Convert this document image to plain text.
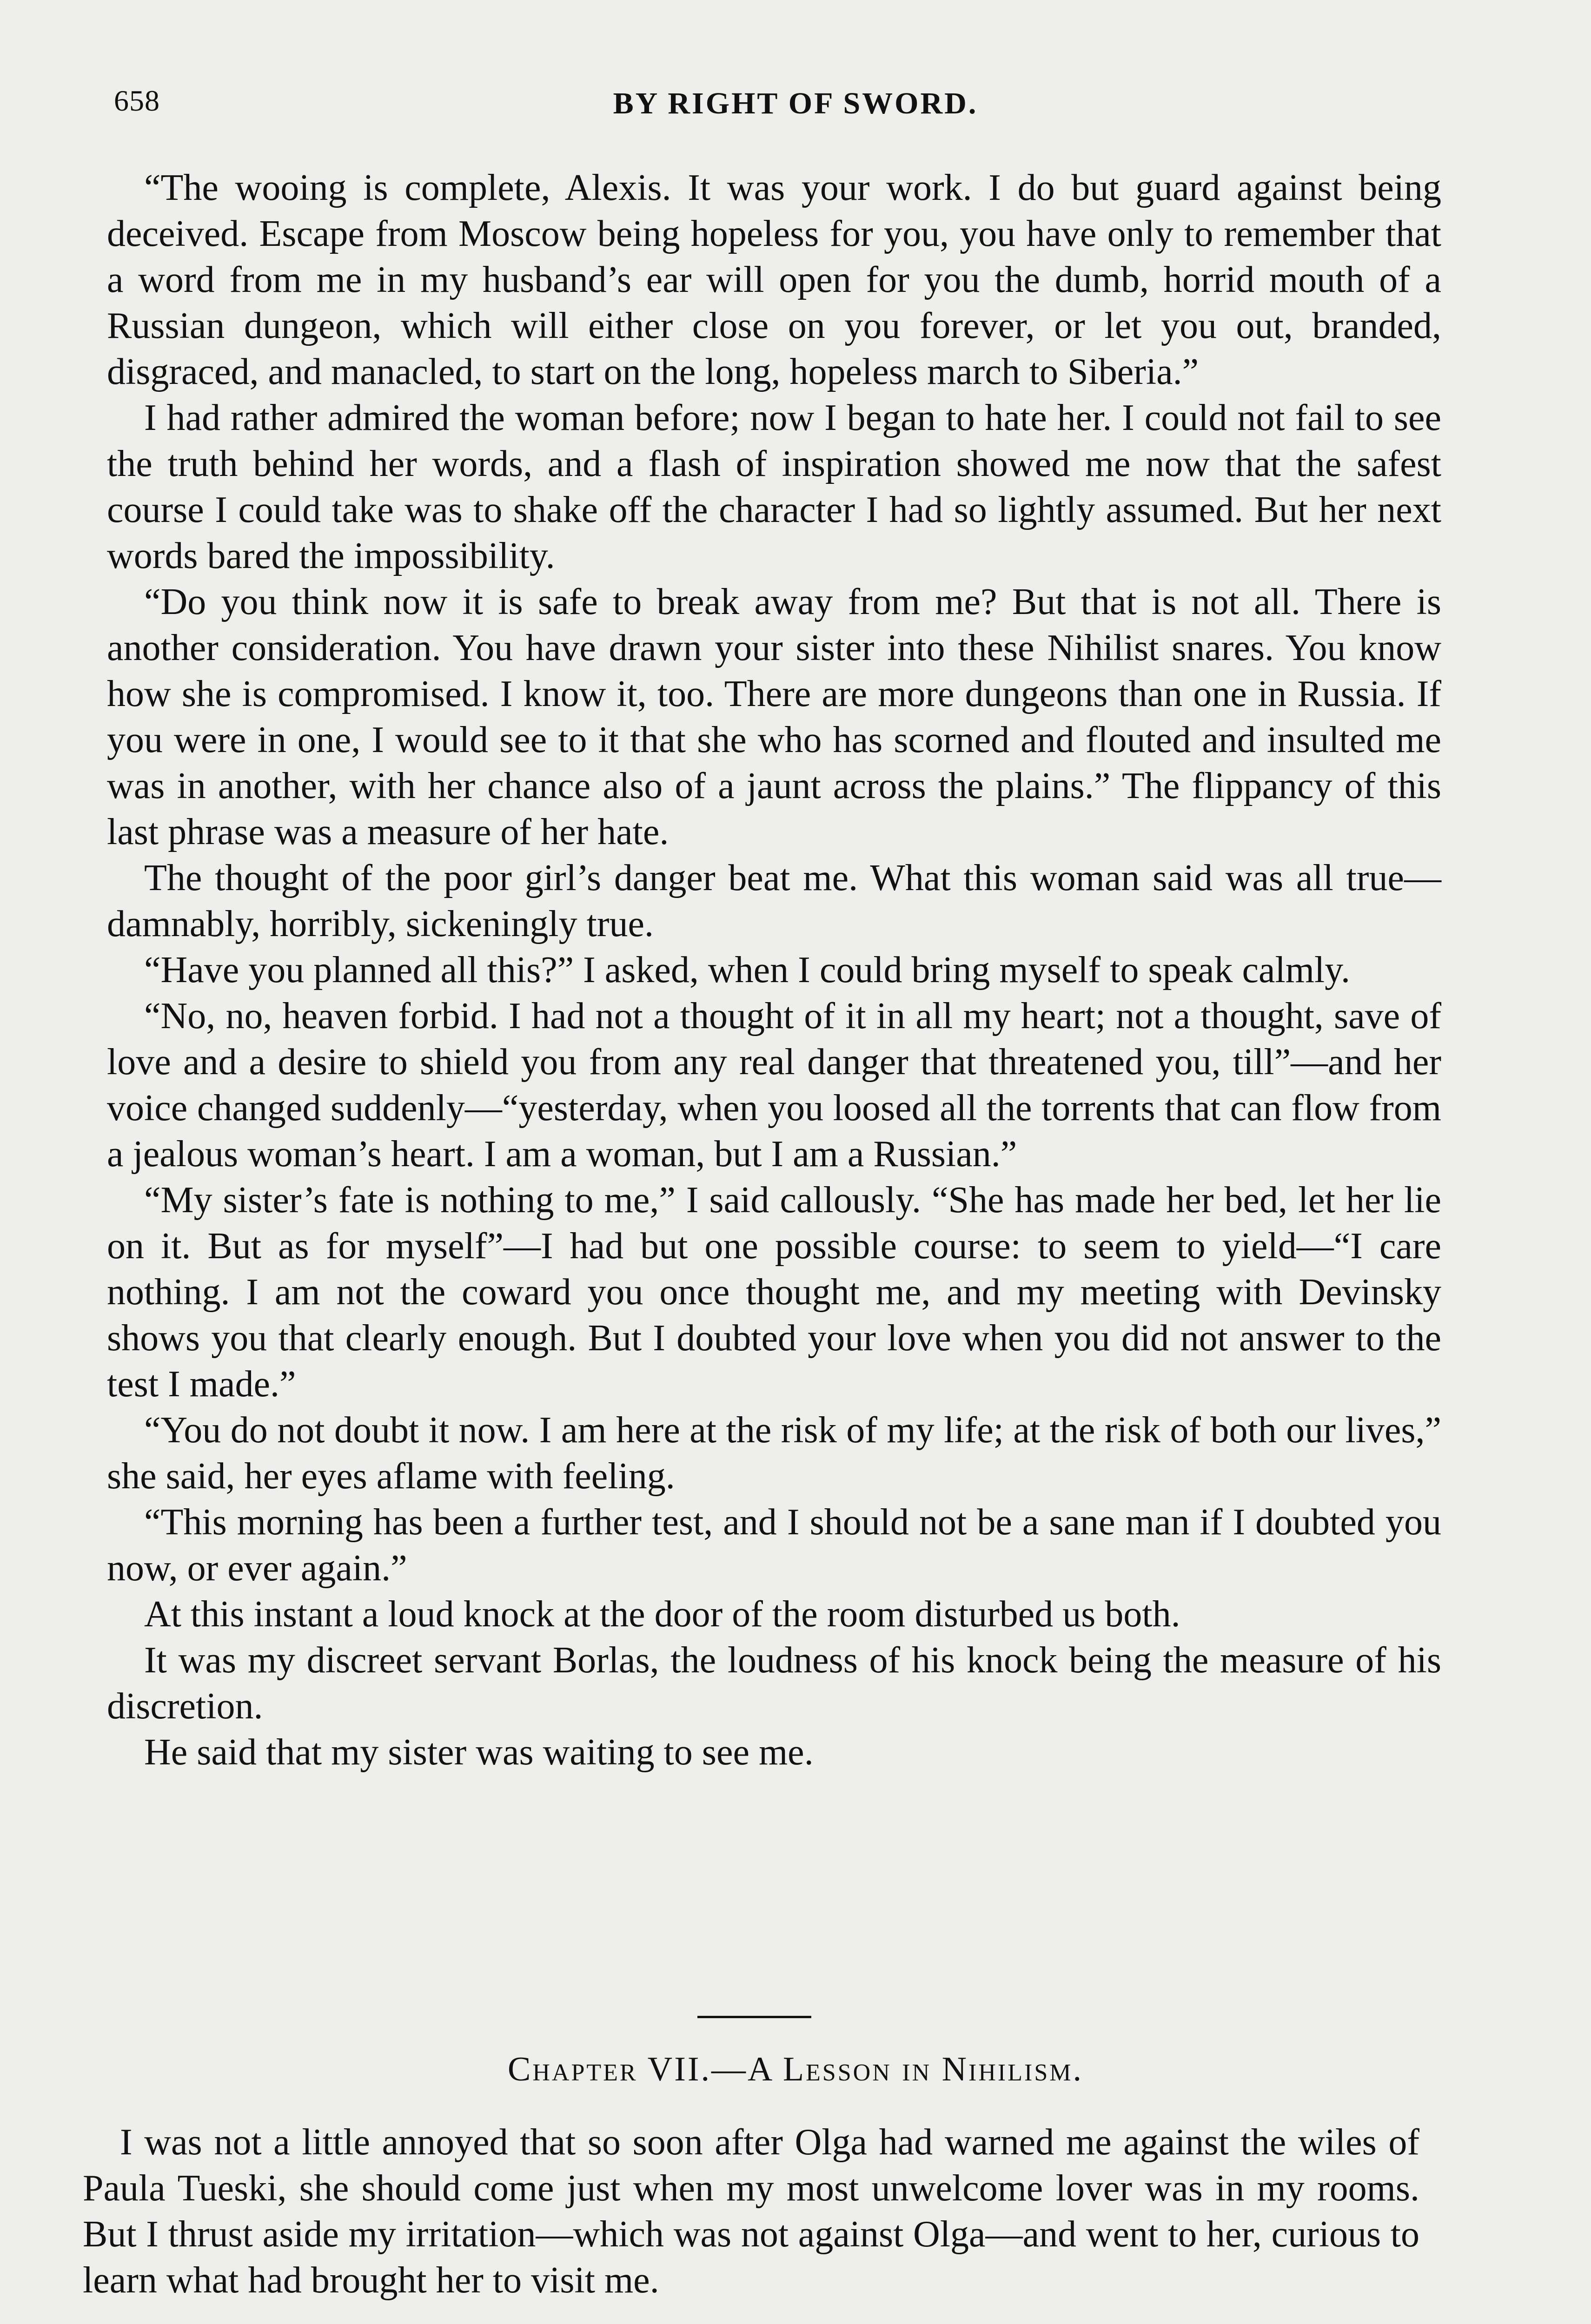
658	BY RIGHT OF SWORD.

“The wooing is complete, Alexis. It was your work. I do but guard against being deceived. Escape from Moscow being hopeless for you, you have only to remember that a word from me in my husband’s ear will open for you the dumb, horrid mouth of a Russian dungeon, which will either close on you forever, or let you out, branded, disgraced, and manacled, to start on the long, hopeless march to Siberia.”

I had rather admired the woman before; now I began to hate her. I could not fail to see the truth behind her words, and a flash of inspiration showed me now that the safest course I could take was to shake off the character I had so lightly assumed. But her next words bared the impossibility.

“Do you think now it is safe to break away from me? But that is not all. There is another consideration. You have drawn your sister into these Nihilist snares. You know how she is compromised. I know it, too. There are more dungeons than one in Russia. If you were in one, I would see to it that she who has scorned and flouted and insulted me was in another, with her chance also of a jaunt across the plains.” The flippancy of this last phrase was a measure of her hate.

The thought of the poor girl’s danger beat me. What this woman said was all true—damnably, horribly, sickeningly true.

“Have you planned all this?” I asked, when I could bring myself to speak calmly.

“No, no, heaven forbid. I had not a thought of it in all my heart; not a thought, save of love and a desire to shield you from any real danger that threatened you, till”—and her voice changed suddenly—“yesterday, when you loosed all the torrents that can flow from a jealous woman’s heart. I am a woman, but I am a Russian.”

“My sister’s fate is nothing to me,” I said callously. “She has made her bed, let her lie on it. But as for myself”—I had but one possible course: to seem to yield—“I care nothing. I am not the coward you once thought me, and my meeting with Devinsky shows you that clearly enough. But I doubted your love when you did not answer to the test I made.”

“You do not doubt it now. I am here at the risk of my life; at the risk of both our lives,” she said, her eyes aflame with feeling.

“This morning has been a further test, and I should not be a sane man if I doubted you now, or ever again.”

At this instant a loud knock at the door of the room disturbed us both.

It was my discreet servant Borlas, the loudness of his knock being the measure of his discretion.

He said that my sister was waiting to see me.

Chapter VII.—A Lesson in Nihilism.

I was not a little annoyed that so soon after Olga had warned me against the wiles of Paula Tueski, she should come just when my most unwelcome lover was in my rooms. But I thrust aside my irritation—which was not against Olga—and went to her, curious to learn what had brought her to visit me.
